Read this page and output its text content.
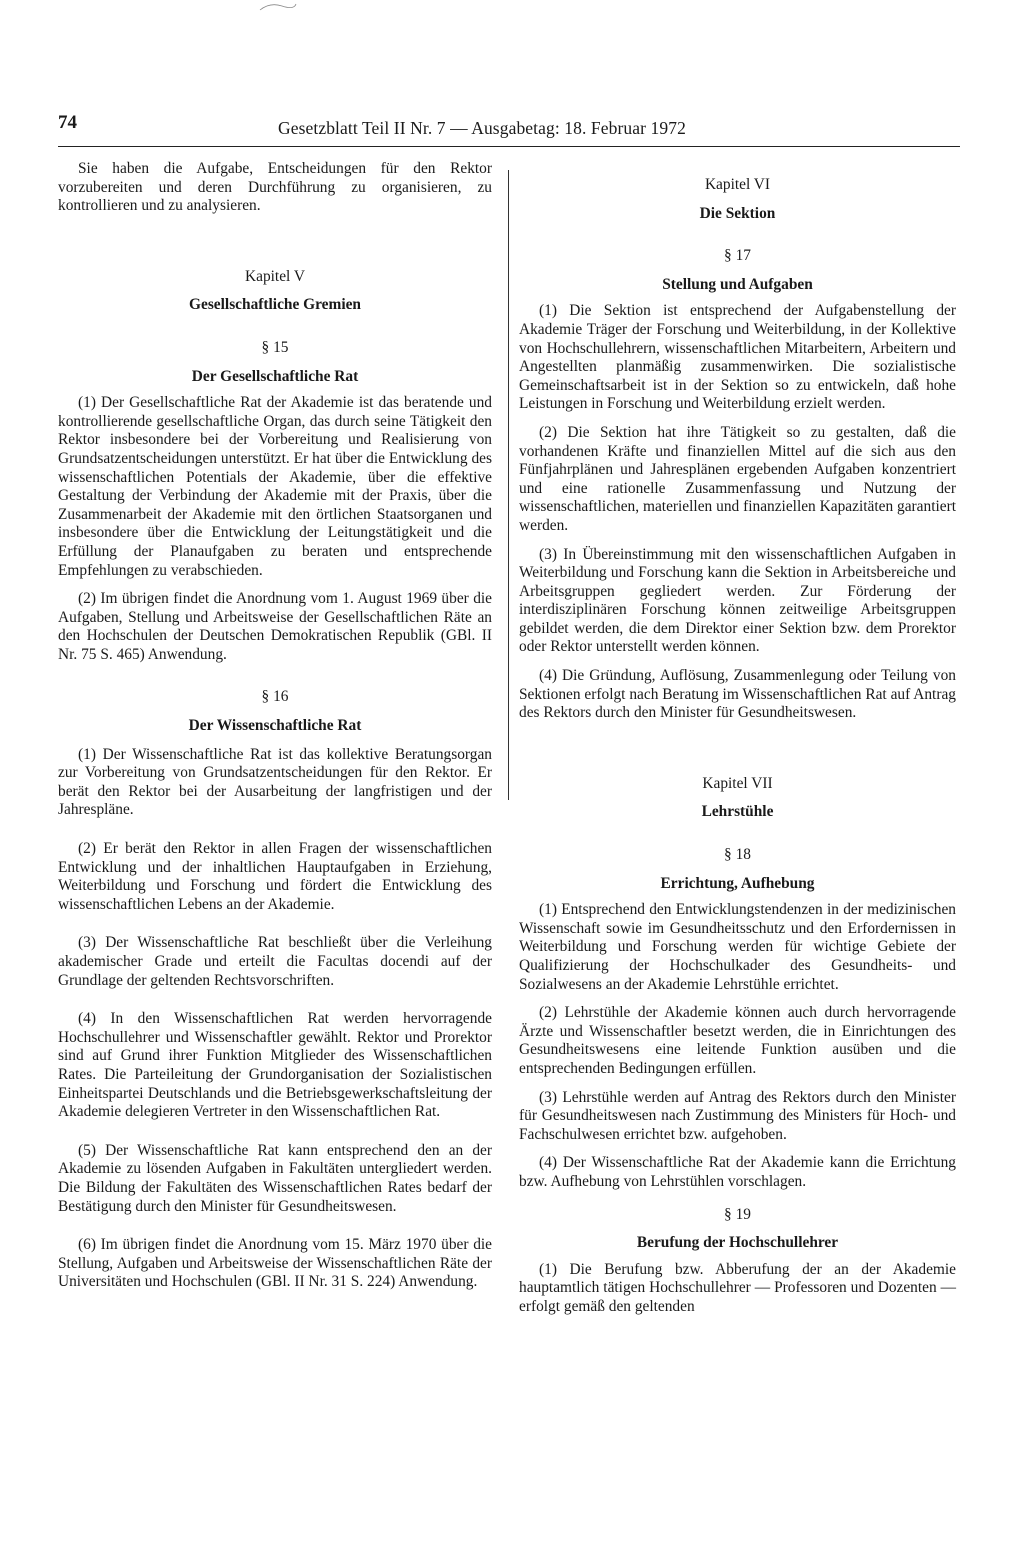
74	Gesetzblatt Teil II Nr. 7 — Ausgabetag: 18. Februar 1972

Sie haben die Aufgabe, Entscheidungen für den Rektor vorzubereiten und deren Durchführung zu organisieren, zu kontrollieren und zu analysieren.

Kapitel V
Gesellschaftliche Gremien
§ 15
Der Gesellschaftliche Rat

(1) Der Gesellschaftliche Rat der Akademie ist das beratende und kontrollierende gesellschaftliche Organ, das durch seine Tätigkeit den Rektor insbesondere bei der Vorbereitung und Realisierung von Grundsatzentscheidungen unterstützt. Er hat über die Entwicklung des wissenschaftlichen Potentials der Akademie, über die effektive Gestaltung der Verbindung der Akademie mit der Praxis, über die Zusammenarbeit der Akademie mit den örtlichen Staatsorganen und insbesondere über die Entwicklung der Leitungstätigkeit und die Erfüllung der Planaufgaben zu beraten und entsprechende Empfehlungen zu verabschieden.

(2) Im übrigen findet die Anordnung vom 1. August 1969 über die Aufgaben, Stellung und Arbeitsweise der Gesellschaftlichen Räte an den Hochschulen der Deutschen Demokratischen Republik (GBl. II Nr. 75 S. 465) Anwendung.

§ 16
Der Wissenschaftliche Rat

(1) Der Wissenschaftliche Rat ist das kollektive Beratungsorgan zur Vorbereitung von Grundsatzentscheidungen für den Rektor. Er berät den Rektor bei der Ausarbeitung der langfristigen und der Jahrespläne.

(2) Er berät den Rektor in allen Fragen der wissenschaftlichen Entwicklung und der inhaltlichen Hauptaufgaben in Erziehung, Weiterbildung und Forschung und fördert die Entwicklung des wissenschaftlichen Lebens an der Akademie.

(3) Der Wissenschaftliche Rat beschließt über die Verleihung akademischer Grade und erteilt die Facultas docendi auf der Grundlage der geltenden Rechtsvorschriften.

(4) In den Wissenschaftlichen Rat werden hervorragende Hochschullehrer und Wissenschaftler gewählt. Rektor und Prorektor sind auf Grund ihrer Funktion Mitglieder des Wissenschaftlichen Rates. Die Parteileitung der Grundorganisation der Sozialistischen Einheitspartei Deutschlands und die Betriebsgewerkschaftsleitung der Akademie delegieren Vertreter in den Wissenschaftlichen Rat.

(5) Der Wissenschaftliche Rat kann entsprechend den an der Akademie zu lösenden Aufgaben in Fakultäten untergliedert werden. Die Bildung der Fakultäten des Wissenschaftlichen Rates bedarf der Bestätigung durch den Minister für Gesundheitswesen.

(6) Im übrigen findet die Anordnung vom 15. März 1970 über die Stellung, Aufgaben und Arbeitsweise der Wissenschaftlichen Räte der Universitäten und Hochschulen (GBl. II Nr. 31 S. 224) Anwendung.

Kapitel VI
Die Sektion
§ 17
Stellung und Aufgaben

(1) Die Sektion ist entsprechend der Aufgabenstellung der Akademie Träger der Forschung und Weiterbildung, in der Kollektive von Hochschullehrern, wissenschaftlichen Mitarbeitern, Arbeitern und Angestellten planmäßig zusammenwirken. Die sozialistische Gemeinschaftsarbeit ist in der Sektion so zu entwickeln, daß hohe Leistungen in Forschung und Weiterbildung erzielt werden.

(2) Die Sektion hat ihre Tätigkeit so zu gestalten, daß die vorhandenen Kräfte und finanziellen Mittel auf die sich aus den Fünfjahrplänen und Jahresplänen ergebenden Aufgaben konzentriert und eine rationelle Zusammenfassung und Nutzung der wissenschaftlichen, materiellen und finanziellen Kapazitäten garantiert werden.

(3) In Übereinstimmung mit den wissenschaftlichen Aufgaben in Weiterbildung und Forschung kann die Sektion in Arbeitsbereiche und Arbeitsgruppen gegliedert werden. Zur Förderung der interdisziplinären Forschung können zeitweilige Arbeitsgruppen gebildet werden, die dem Direktor einer Sektion bzw. dem Prorektor oder Rektor unterstellt werden können.

(4) Die Gründung, Auflösung, Zusammenlegung oder Teilung von Sektionen erfolgt nach Beratung im Wissenschaftlichen Rat auf Antrag des Rektors durch den Minister für Gesundheitswesen.

Kapitel VII
Lehrstühle
§ 18
Errichtung, Aufhebung

(1) Entsprechend den Entwicklungstendenzen in der medizinischen Wissenschaft sowie im Gesundheitsschutz und den Erfordernissen in Weiterbildung und Forschung werden für wichtige Gebiete der Qualifizierung der Hochschulkader des Gesundheits- und Sozialwesens an der Akademie Lehrstühle errichtet.

(2) Lehrstühle der Akademie können auch durch hervorragende Ärzte und Wissenschaftler besetzt werden, die in Einrichtungen des Gesundheitswesens eine leitende Funktion ausüben und die entsprechenden Bedingungen erfüllen.

(3) Lehrstühle werden auf Antrag des Rektors durch den Minister für Gesundheitswesen nach Zustimmung des Ministers für Hoch- und Fachschulwesen errichtet bzw. aufgehoben.

(4) Der Wissenschaftliche Rat der Akademie kann die Errichtung bzw. Aufhebung von Lehrstühlen vorschlagen.

§ 19
Berufung der Hochschullehrer

(1) Die Berufung bzw. Abberufung der an der Akademie hauptamtlich tätigen Hochschullehrer — Professoren und Dozenten — erfolgt gemäß den geltenden
